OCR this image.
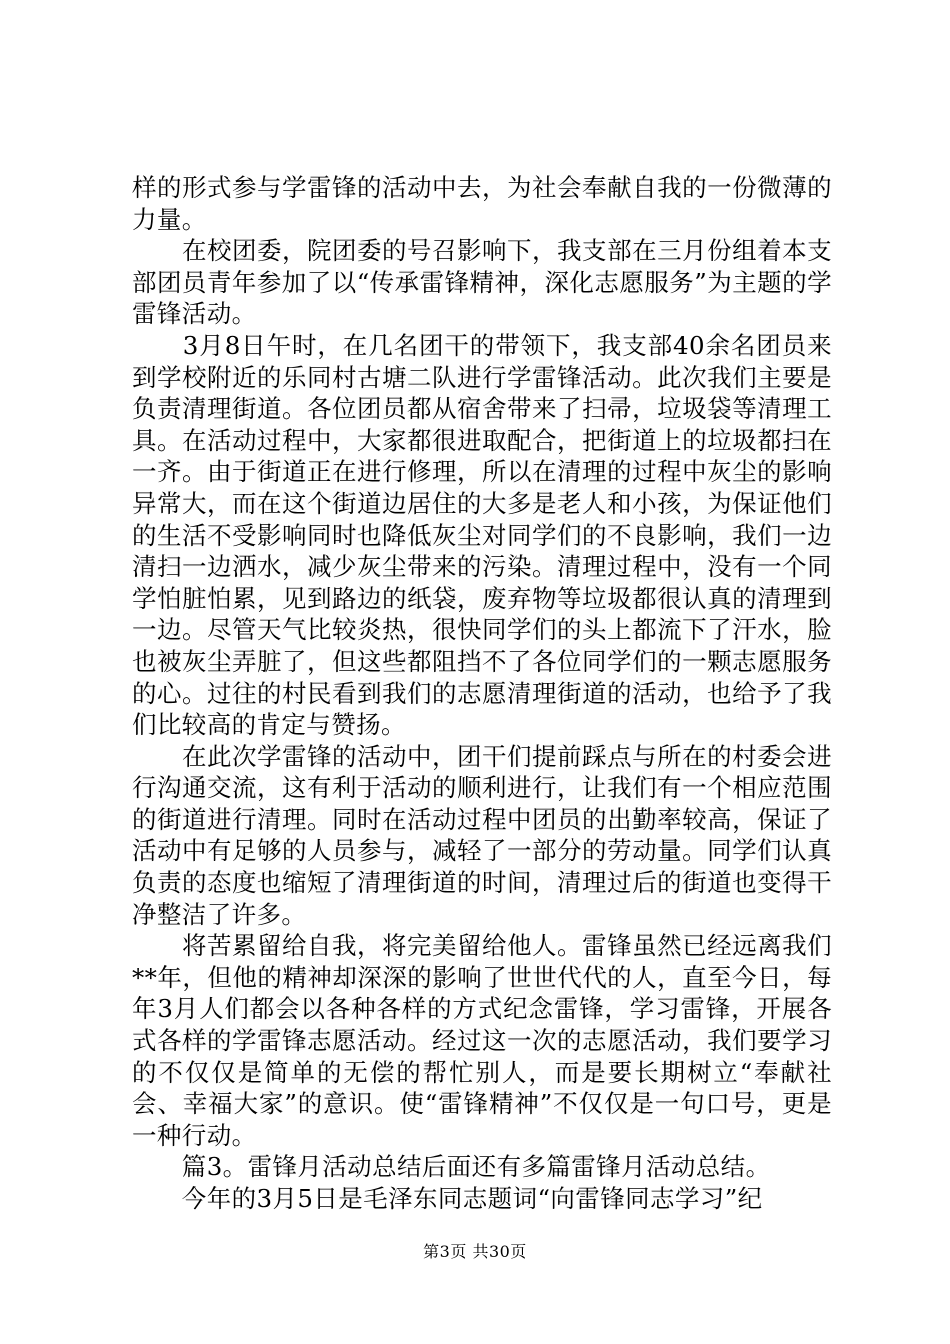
样的形式参与学雷锋的活动中去，为社会奉献自我的一份微薄的力量。

　　在校团委，院团委的号召影响下，我支部在三月份组着本支部团员青年参加了以“传承雷锋精神，深化志愿服务”为主题的学雷锋活动。

　　3月8日午时，在几名团干的带领下，我支部40余名团员来到学校附近的乐同村古塘二队进行学雷锋活动。此次我们主要是负责清理街道。各位团员都从宿舍带来了扫帚，垃圾袋等清理工具。在活动过程中，大家都很进取配合，把街道上的垃圾都扫在一齐。由于街道正在进行修理，所以在清理的过程中灰尘的影响异常大，而在这个街道边居住的大多是老人和小孩，为保证他们的生活不受影响同时也降低灰尘对同学们的不良影响，我们一边清扫一边洒水，减少灰尘带来的污染。清理过程中，没有一个同学怕脏怕累，见到路边的纸袋，废弃物等垃圾都很认真的清理到一边。尽管天气比较炎热，很快同学们的头上都流下了汗水，脸也被灰尘弄脏了，但这些都阻挡不了各位同学们的一颗志愿服务的心。过往的村民看到我们的志愿清理街道的活动，也给予了我们比较高的肯定与赞扬。

　　在此次学雷锋的活动中，团干们提前踩点与所在的村委会进行沟通交流，这有利于活动的顺利进行，让我们有一个相应范围的街道进行清理。同时在活动过程中团员的出勤率较高，保证了活动中有足够的人员参与，减轻了一部分的劳动量。同学们认真负责的态度也缩短了清理街道的时间，清理过后的街道也变得干净整洁了许多。

　　将苦累留给自我，将完美留给他人。雷锋虽然已经远离我们**年，但他的精神却深深的影响了世世代代的人，直至今日，每年3月人们都会以各种各样的方式纪念雷锋，学习雷锋，开展各式各样的学雷锋志愿活动。经过这一次的志愿活动，我们要学习的不仅仅是简单的无偿的帮忙别人，而是要长期树立“奉献社会、幸福大家”的意识。使“雷锋精神”不仅仅是一句口号，更是一种行动。

　　篇3。雷锋月活动总结后面还有多篇雷锋月活动总结。

　　今年的3月5日是毛泽东同志题词“向雷锋同志学习”纪

第3页 共30页
